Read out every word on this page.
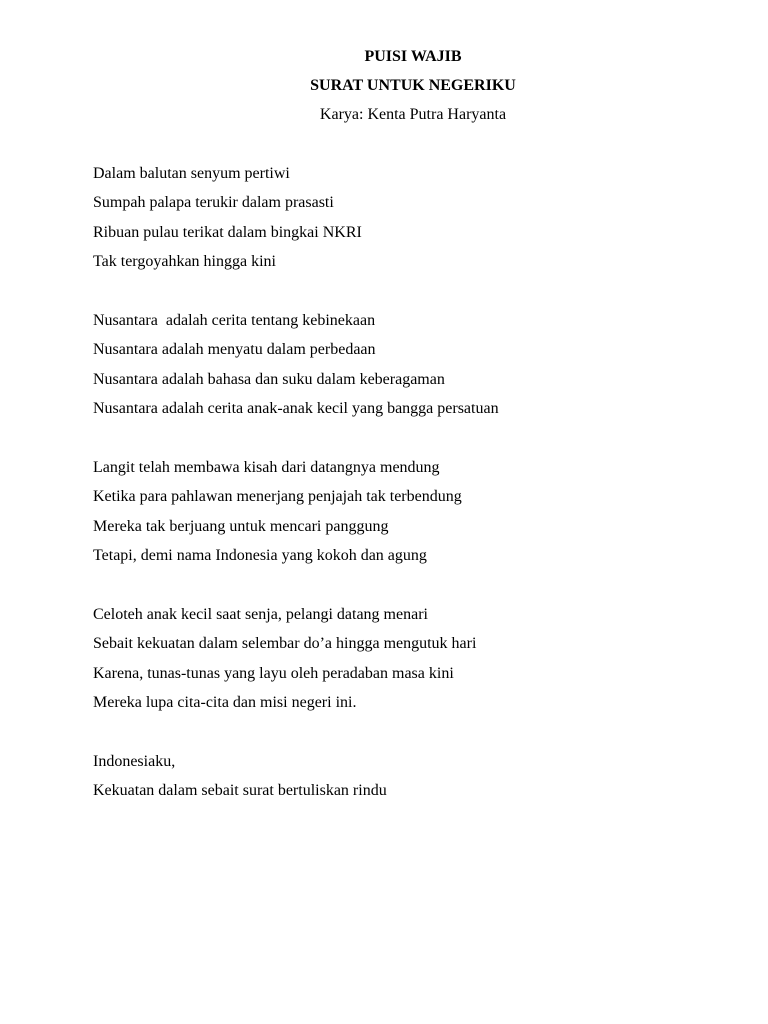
PUISI WAJIB
SURAT UNTUK NEGERIKU
Karya: Kenta Putra Haryanta
Dalam balutan senyum pertiwi
Sumpah palapa terukir dalam prasasti
Ribuan pulau terikat dalam bingkai NKRI
Tak tergoyahkan hingga kini
Nusantara  adalah cerita tentang kebinekaan
Nusantara adalah menyatu dalam perbedaan
Nusantara adalah bahasa dan suku dalam keberagaman
Nusantara adalah cerita anak-anak kecil yang bangga persatuan
Langit telah membawa kisah dari datangnya mendung
Ketika para pahlawan menerjang penjajah tak terbendung
Mereka tak berjuang untuk mencari panggung
Tetapi, demi nama Indonesia yang kokoh dan agung
Celoteh anak kecil saat senja, pelangi datang menari
Sebait kekuatan dalam selembar do’a hingga mengutuk hari
Karena, tunas-tunas yang layu oleh peradaban masa kini
Mereka lupa cita-cita dan misi negeri ini.
Indonesiaku,
Kekuatan dalam sebait surat bertuliskan rindu
